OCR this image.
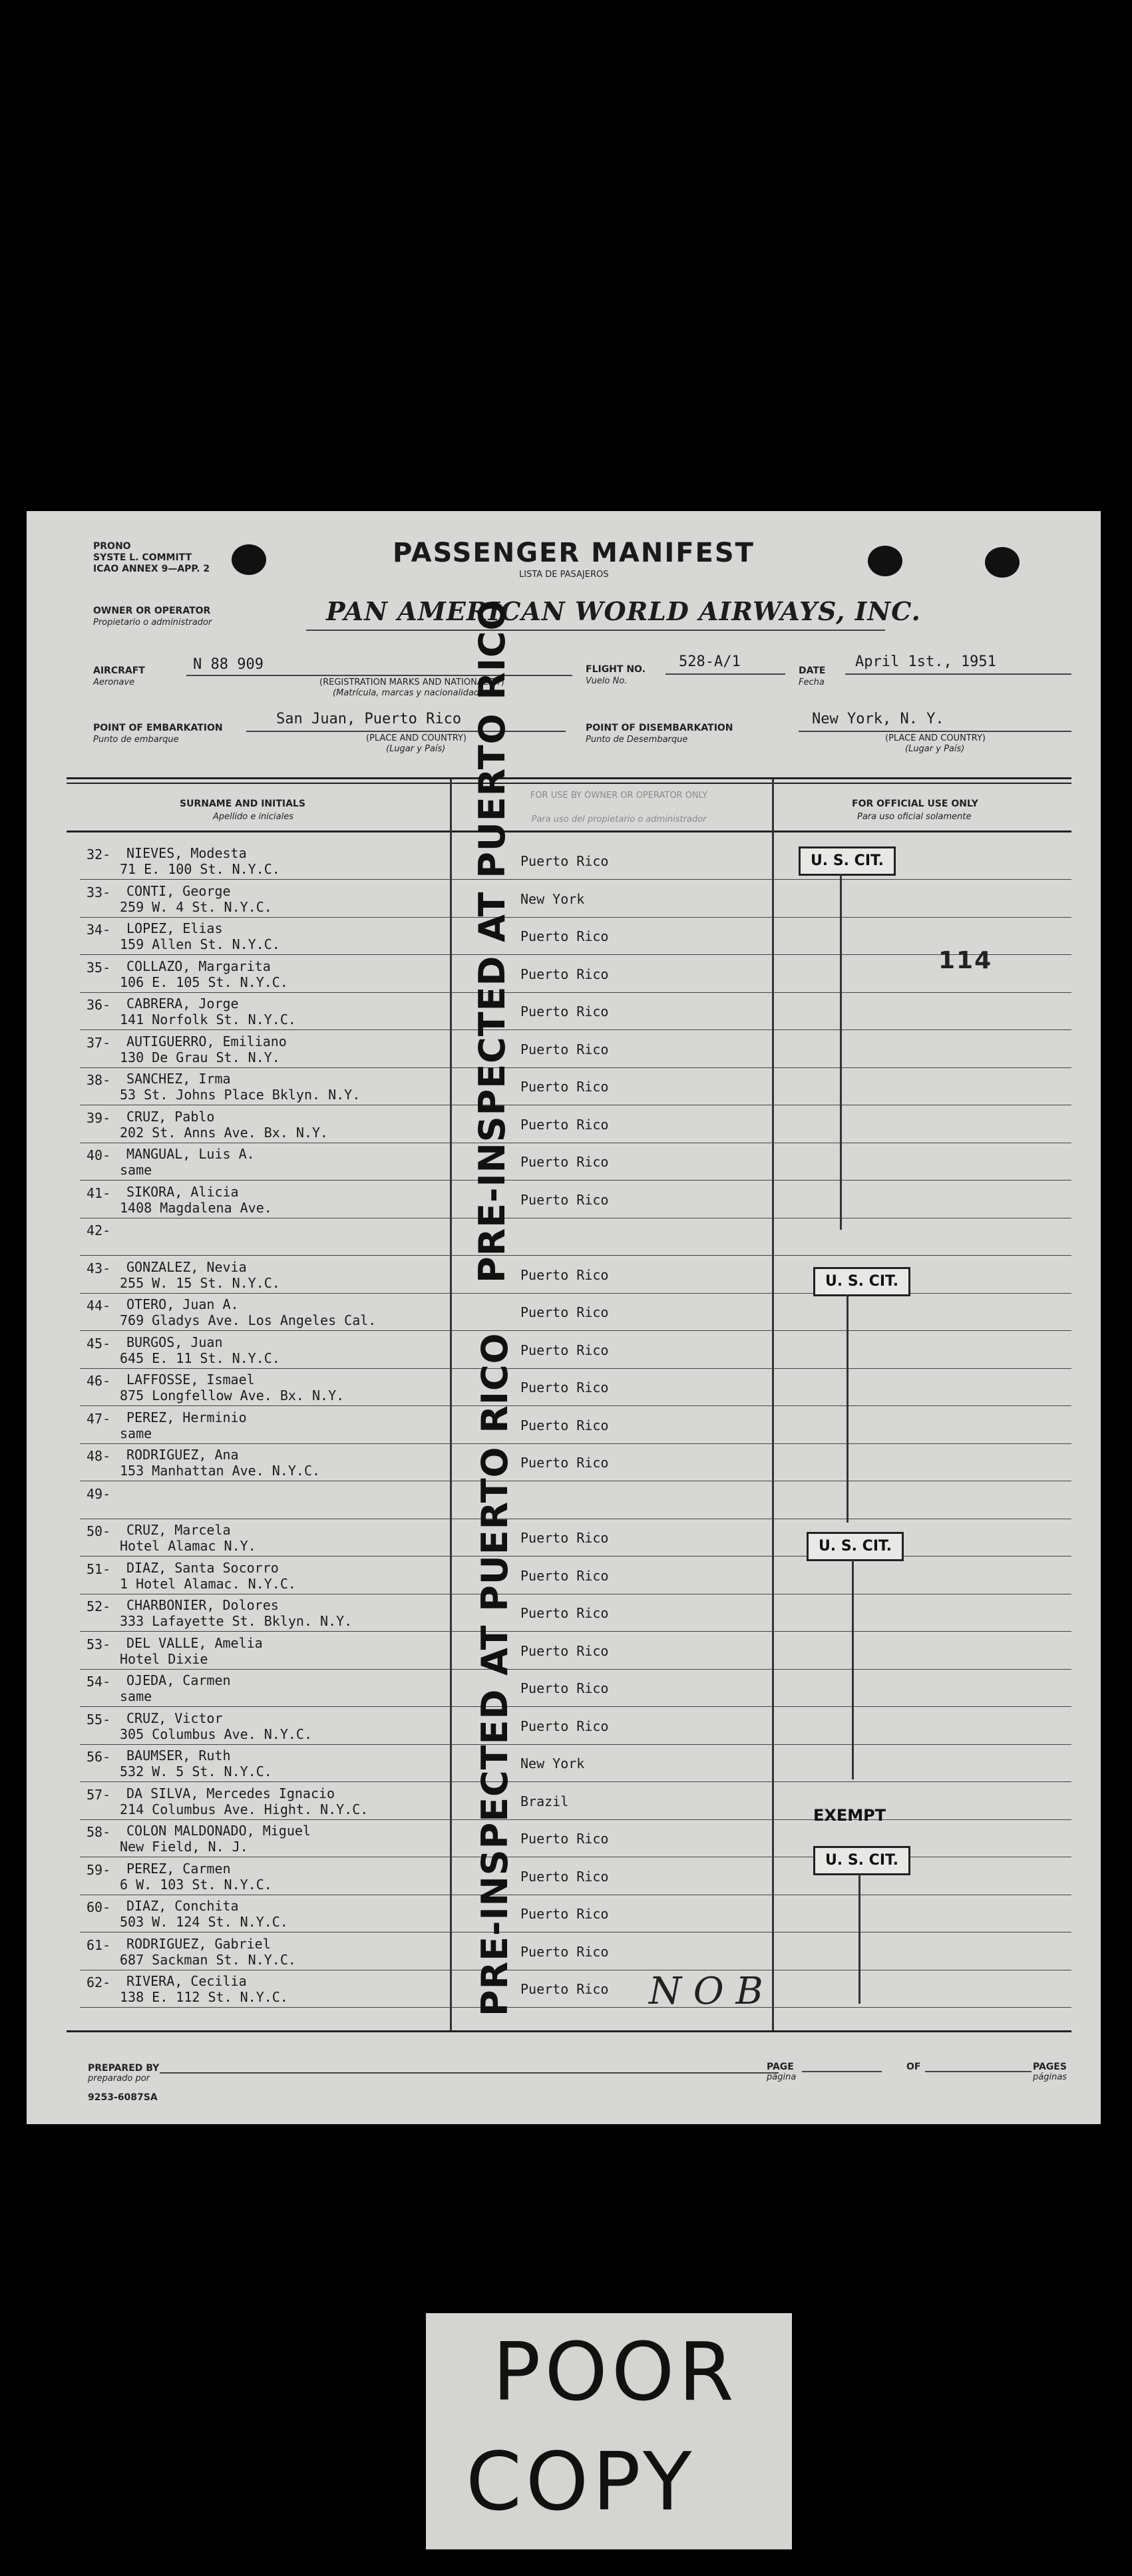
PRONO
SYSTE L. COMMITT
ICAO ANNEX 9—APP. 2
PASSENGER MANIFEST
LISTA DE PASAJEROS
OWNER OR OPERATOR
Propietario o administrador	PAN AMERICAN WORLD AIRWAYS, INC.
AIRCRAFT
Aeronave
N 88 909
(REGISTRATION MARKS AND NATIONALITY)
(Matrícula, marcas y nacionalidad)
FLIGHT NO.
Vuelo No.
528-A/1
DATE
Fecha
April 1st., 1951
POINT OF EMBARKATION
Punto de embarque
San Juan, Puerto Rico
(PLACE AND COUNTRY)
(Lugar y País)
POINT OF DISEMBARKATION
Punto de Desembarque
New York, N. Y.
(PLACE AND COUNTRY)
(Lugar y País)
SURNAME AND INITIALS
Apellido e iniciales
FOR USE BY OWNER OR OPERATOR ONLY
Para uso del propietario o administrador
FOR OFFICIAL USE ONLY
Para uso oficial solamente
32- NIEVES, Modesta
71 E. 100 St. N.Y.C.	Puerto Rico
33- CONTI, George
259 W. 4 St. N.Y.C.	New York
34- LOPEZ, Elias
159 Allen St. N.Y.C.	Puerto Rico
35- COLLAZO, Margarita
106 E. 105 St. N.Y.C.	Puerto Rico
36- CABRERA, Jorge
141 Norfolk St. N.Y.C.	Puerto Rico
37- AUTIGUERRO, Emiliano
130 De Grau St. N.Y.	Puerto Rico
38- SANCHEZ, Irma
53 St. Johns Place Bklyn. N.Y.	Puerto Rico
39- CRUZ, Pablo
202 St. Anns Ave. Bx. N.Y.	Puerto Rico
40- MANGUAL, Luis A.
same	Puerto Rico
41- SIKORA, Alicia
1408 Magdalena Ave.	Puerto Rico
42-
43- GONZALEZ, Nevia
255 W. 15 St. N.Y.C.	Puerto Rico
44- OTERO, Juan A.
769 Gladys Ave. Los Angeles Cal.	Puerto Rico
45- BURGOS, Juan
645 E. 11 St. N.Y.C.	Puerto Rico
46- LAFFOSSE, Ismael
875 Longfellow Ave. Bx. N.Y.	Puerto Rico
47- PEREZ, Herminio
same	Puerto Rico
48- RODRIGUEZ, Ana
153 Manhattan Ave. N.Y.C.	Puerto Rico
49-
50- CRUZ, Marcela
Hotel Alamac N.Y.	Puerto Rico
51- DIAZ, Santa Socorro
1 Hotel Alamac. N.Y.C.	Puerto Rico
52- CHARBONIER, Dolores
333 Lafayette St. Bklyn. N.Y.	Puerto Rico
53- DEL VALLE, Amelia
Hotel Dixie	Puerto Rico
54- OJEDA, Carmen
same	Puerto Rico
55- CRUZ, Victor
305 Columbus Ave. N.Y.C.	Puerto Rico
56- BAUMSER, Ruth
532 W. 5 St. N.Y.C.	New York
57- DA SILVA, Mercedes Ignacio
214 Columbus Ave. Hight. N.Y.C.	Brazil
58- COLON MALDONADO, Miguel
New Field, N. J.	Puerto Rico
59- PEREZ, Carmen
6 W. 103 St. N.Y.C.	Puerto Rico
60- DIAZ, Conchita
503 W. 124 St. N.Y.C.	Puerto Rico
61- RODRIGUEZ, Gabriel
687 Sackman St. N.Y.C.	Puerto Rico
62- RIVERA, Cecilia
138 E. 112 St. N.Y.C.	Puerto Rico
U. S. CIT.
U. S. CIT.
U. S. CIT.
EXEMPT
U. S. CIT.
114
PRE-INSPECTED AT PUERTO RICO
PRE-INSPECTED AT PUERTO RICO	N O B
PREPARED BY
preparado por
PAGE
página
OF	PAGES
páginas
9253-6087SA
POOR
COPY
